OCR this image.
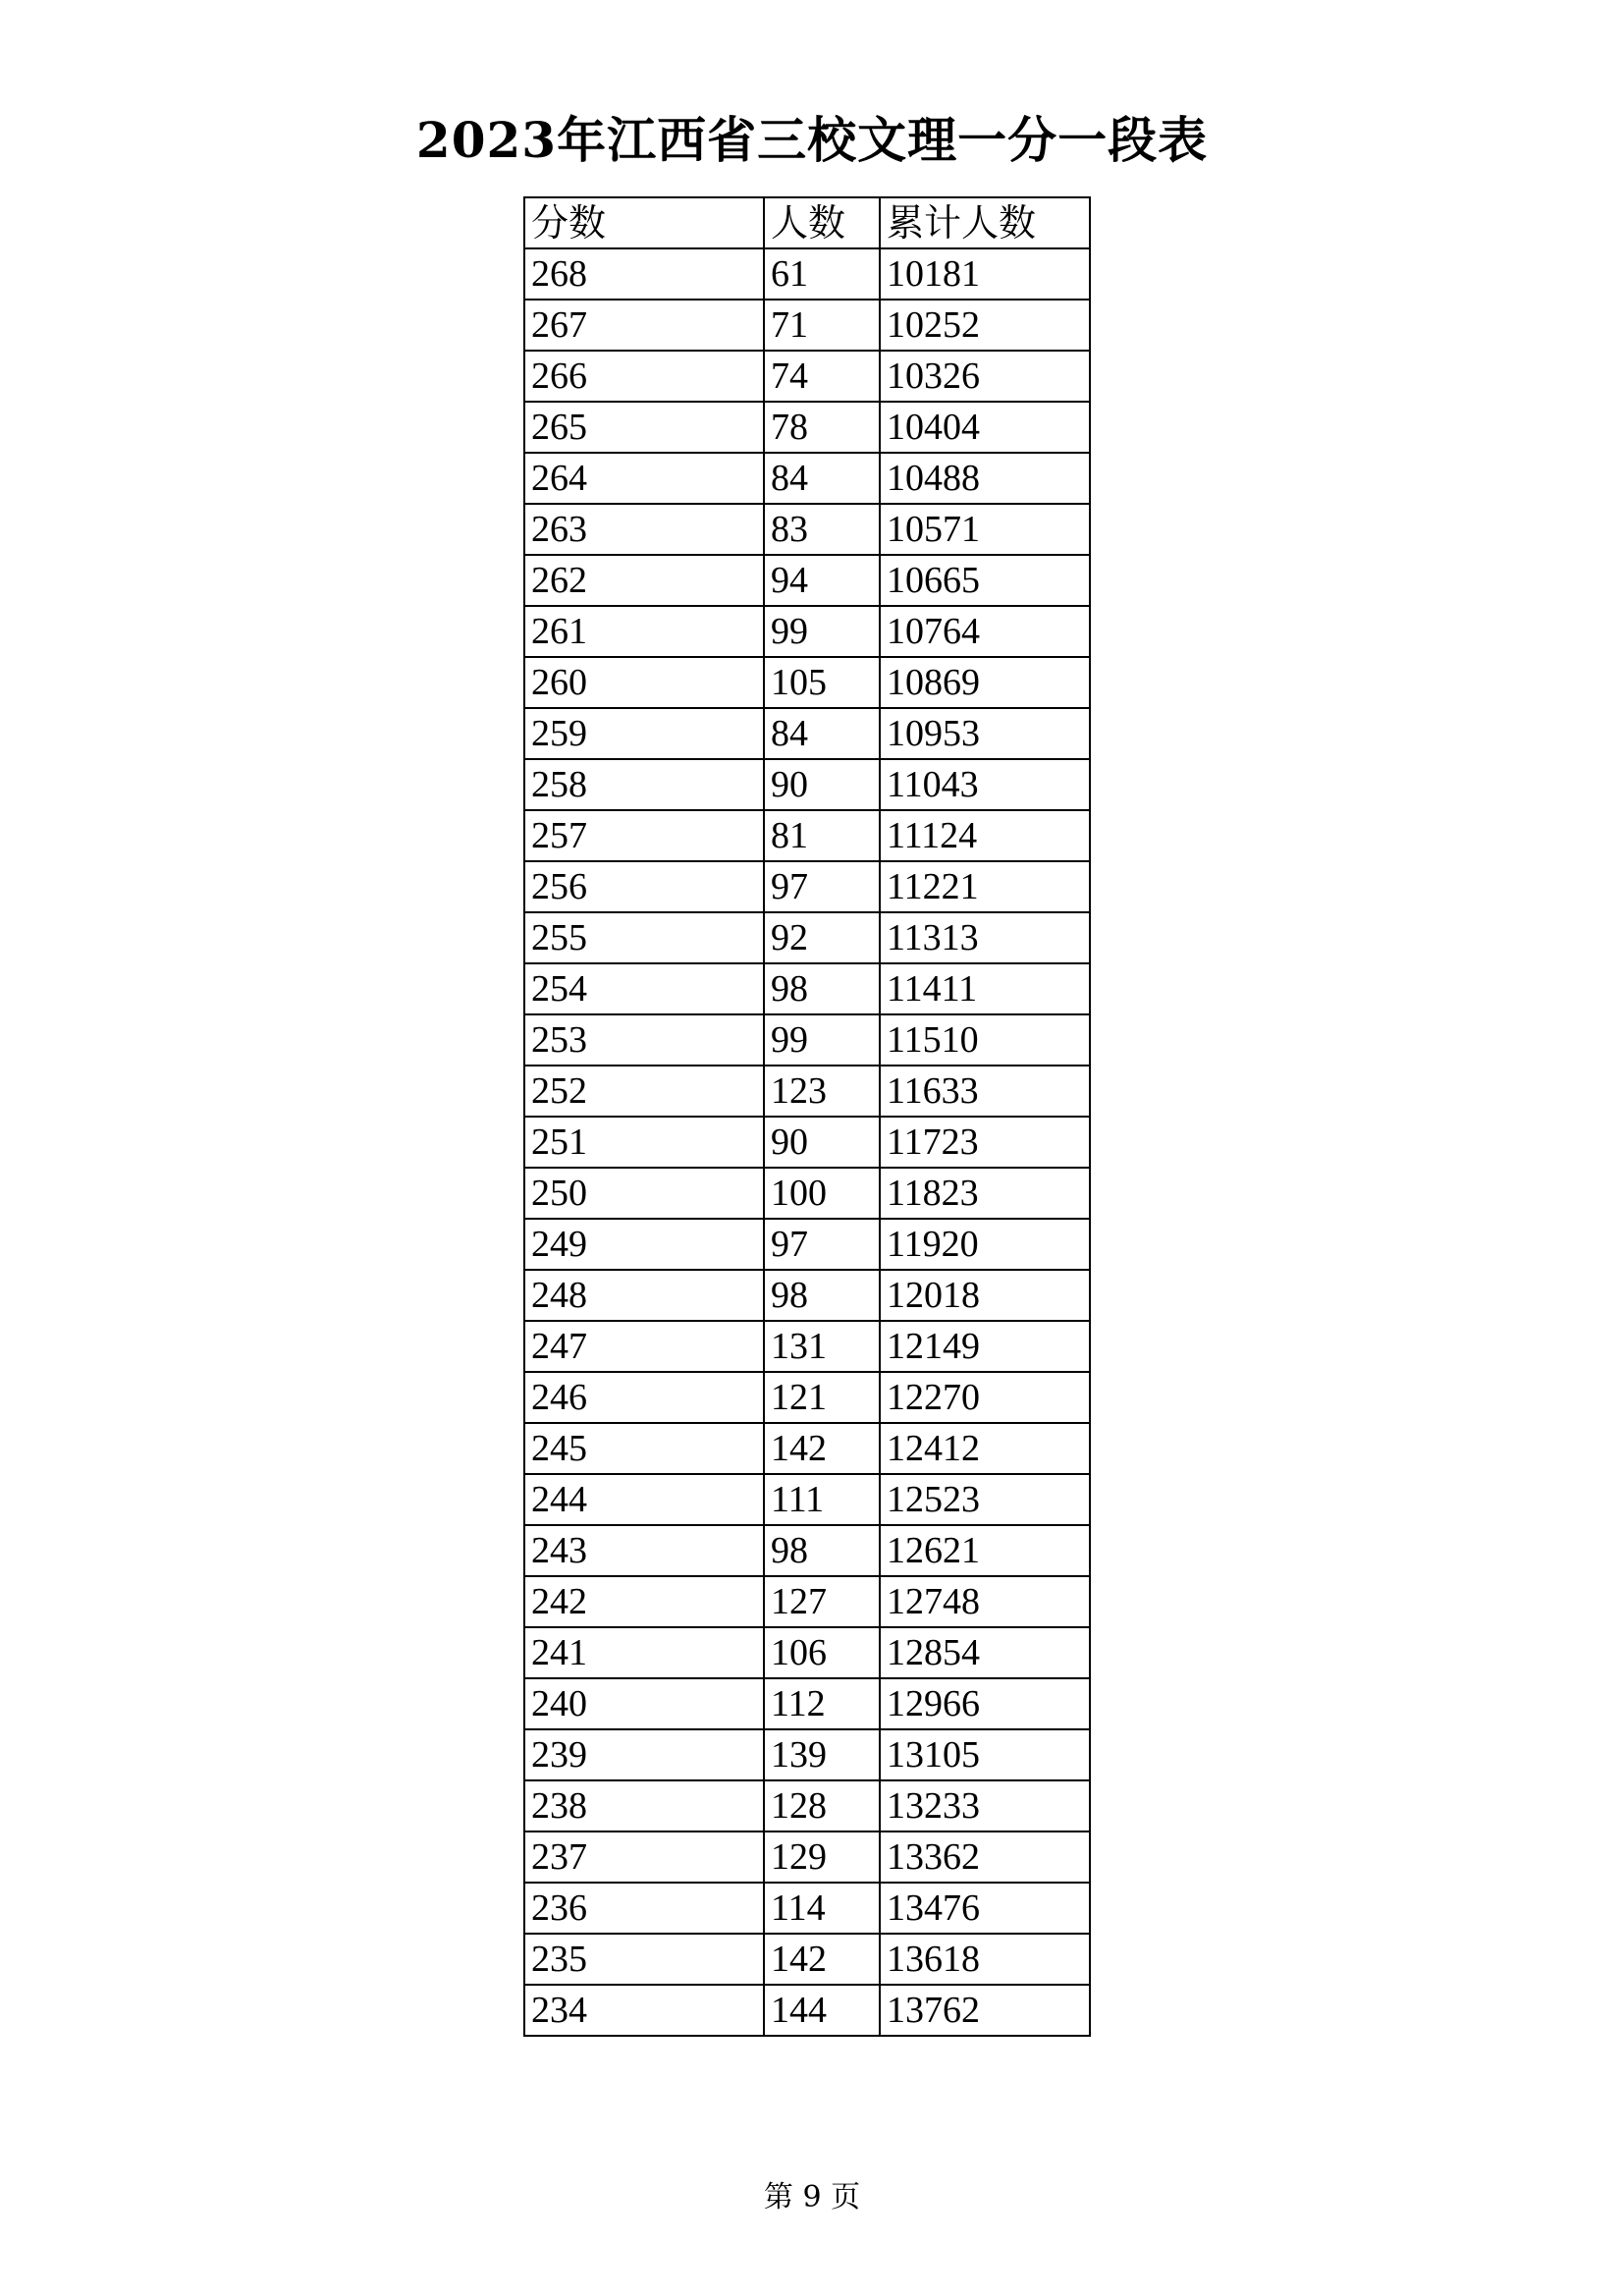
2023年江西省三校文理一分一段表
分数	人数	累计人数
268	61	10181
267	71	10252
266	74	10326
265	78	10404
264	84	10488
263	83	10571
262	94	10665
261	99	10764
260	105	10869
259	84	10953
258	90	11043
257	81	11124
256	97	11221
255	92	11313
254	98	11411
253	99	11510
252	123	11633
251	90	11723
250	100	11823
249	97	11920
248	98	12018
247	131	12149
246	121	12270
245	142	12412
244	111	12523
243	98	12621
242	127	12748
241	106	12854
240	112	12966
239	139	13105
238	128	13233
237	129	13362
236	114	13476
235	142	13618
234	144	13762
第 9 页
